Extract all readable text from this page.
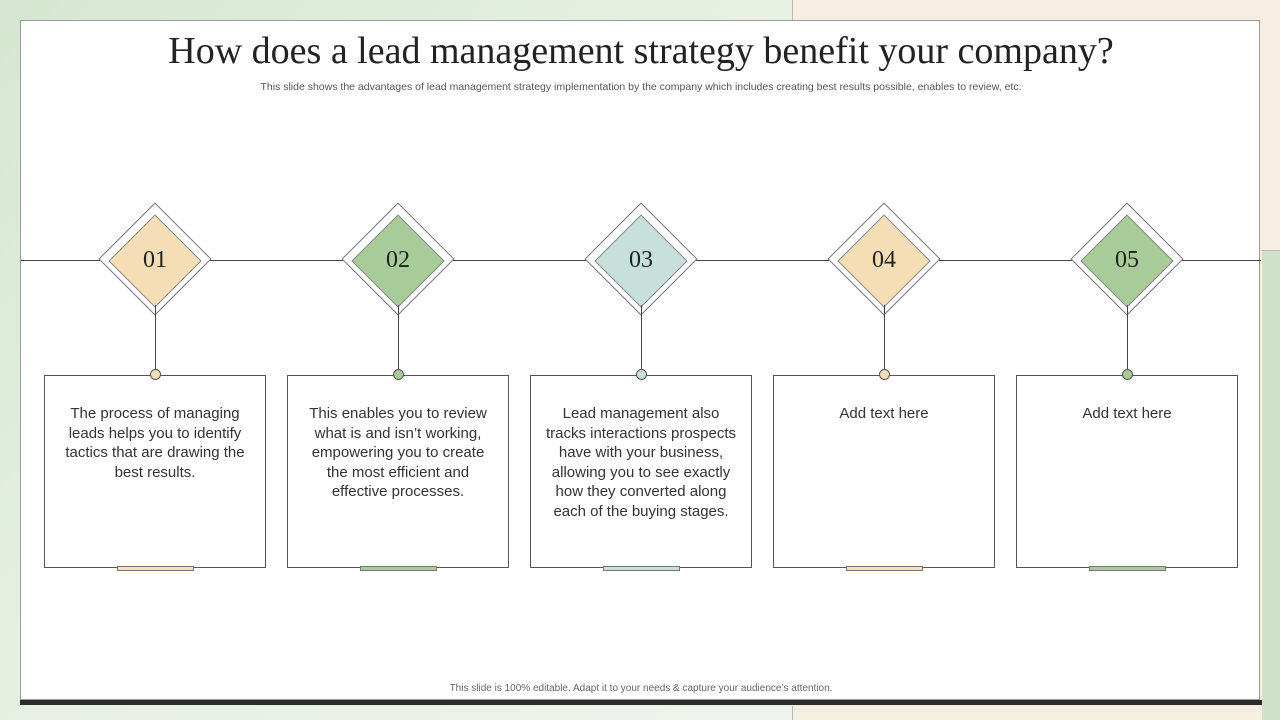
How does a lead management strategy benefit your company?

This slide shows the advantages of lead management strategy implementation by the company which includes creating best results possible, enables to review, etc.

01

The process of managing leads helps you to identify tactics that are drawing the best results.

02

This enables you to review what is and isn’t working, empowering you to create the most efficient and effective processes.

03

Lead management also tracks interactions prospects have with your business, allowing you to see exactly how they converted along each of the buying stages.

04

Add text here

05

Add text here

This slide is 100% editable. Adapt it to your needs & capture your audience’s attention.
